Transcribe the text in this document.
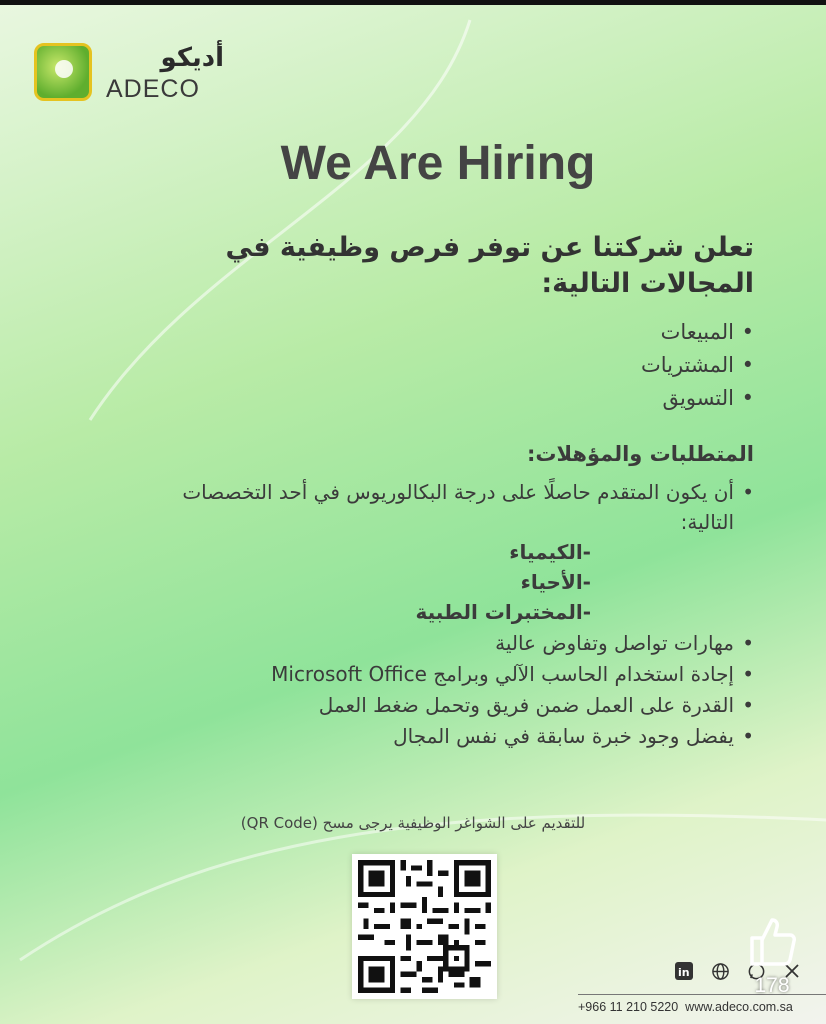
أديكو
ADECO
We Are Hiring
تعلن شركتنا عن توفر فرص وظيفية في المجالات التالية:
• المبيعات
• المشتريات
• التسويق
المتطلبات والمؤهلات:
• أن يكون المتقدم حاصلًا على درجة البكالوريوس في أحد التخصصات التالية:
-الكيمياء
-الأحياء
-المختبرات الطبية
• مهارات تواصل وتفاوض عالية
• إجادة استخدام الحاسب الآلي وبرامج Microsoft Office
• القدرة على العمل ضمن فريق وتحمل ضغط العمل
• يفضل وجود خبرة سابقة في نفس المجال
للتقديم على الشواغر الوظيفية يرجى مسح (QR Code)
in
+966 11 210 5220 www.adeco.com.sa
178
